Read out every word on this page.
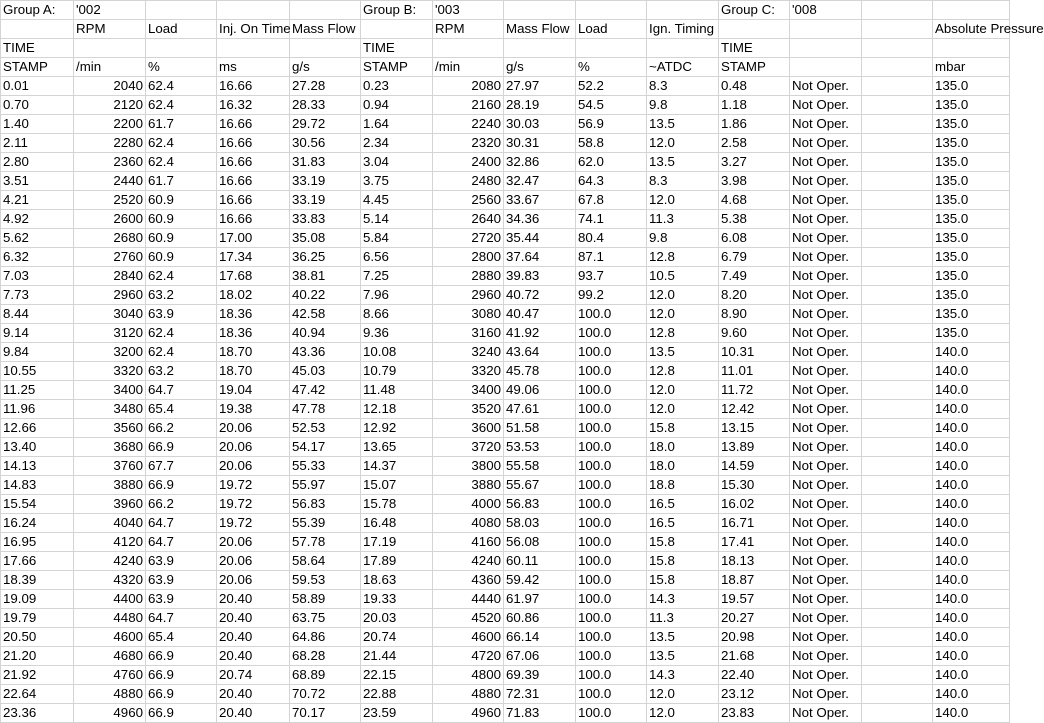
Group A:	'002				Group B:	'003				Group C:	'008		
	RPM	Load	Inj. On Time	Mass Flow		RPM	Mass Flow	Load	Ign. Timing				Absolute Pressure
TIME					TIME					TIME			
STAMP	/min	%	ms	g/s	STAMP	/min	g/s	%	~ATDC	STAMP			mbar
0.01	2040	62.4	16.66	27.28	0.23	2080	27.97	52.2	8.3	0.48	Not Oper.		135.0
0.70	2120	62.4	16.32	28.33	0.94	2160	28.19	54.5	9.8	1.18	Not Oper.		135.0
1.40	2200	61.7	16.66	29.72	1.64	2240	30.03	56.9	13.5	1.86	Not Oper.		135.0
2.11	2280	62.4	16.66	30.56	2.34	2320	30.31	58.8	12.0	2.58	Not Oper.		135.0
2.80	2360	62.4	16.66	31.83	3.04	2400	32.86	62.0	13.5	3.27	Not Oper.		135.0
3.51	2440	61.7	16.66	33.19	3.75	2480	32.47	64.3	8.3	3.98	Not Oper.		135.0
4.21	2520	60.9	16.66	33.19	4.45	2560	33.67	67.8	12.0	4.68	Not Oper.		135.0
4.92	2600	60.9	16.66	33.83	5.14	2640	34.36	74.1	11.3	5.38	Not Oper.		135.0
5.62	2680	60.9	17.00	35.08	5.84	2720	35.44	80.4	9.8	6.08	Not Oper.		135.0
6.32	2760	60.9	17.34	36.25	6.56	2800	37.64	87.1	12.8	6.79	Not Oper.		135.0
7.03	2840	62.4	17.68	38.81	7.25	2880	39.83	93.7	10.5	7.49	Not Oper.		135.0
7.73	2960	63.2	18.02	40.22	7.96	2960	40.72	99.2	12.0	8.20	Not Oper.		135.0
8.44	3040	63.9	18.36	42.58	8.66	3080	40.47	100.0	12.0	8.90	Not Oper.		135.0
9.14	3120	62.4	18.36	40.94	9.36	3160	41.92	100.0	12.8	9.60	Not Oper.		135.0
9.84	3200	62.4	18.70	43.36	10.08	3240	43.64	100.0	13.5	10.31	Not Oper.		140.0
10.55	3320	63.2	18.70	45.03	10.79	3320	45.78	100.0	12.8	11.01	Not Oper.		140.0
11.25	3400	64.7	19.04	47.42	11.48	3400	49.06	100.0	12.0	11.72	Not Oper.		140.0
11.96	3480	65.4	19.38	47.78	12.18	3520	47.61	100.0	12.0	12.42	Not Oper.		140.0
12.66	3560	66.2	20.06	52.53	12.92	3600	51.58	100.0	15.8	13.15	Not Oper.		140.0
13.40	3680	66.9	20.06	54.17	13.65	3720	53.53	100.0	18.0	13.89	Not Oper.		140.0
14.13	3760	67.7	20.06	55.33	14.37	3800	55.58	100.0	18.0	14.59	Not Oper.		140.0
14.83	3880	66.9	19.72	55.97	15.07	3880	55.67	100.0	18.8	15.30	Not Oper.		140.0
15.54	3960	66.2	19.72	56.83	15.78	4000	56.83	100.0	16.5	16.02	Not Oper.		140.0
16.24	4040	64.7	19.72	55.39	16.48	4080	58.03	100.0	16.5	16.71	Not Oper.		140.0
16.95	4120	64.7	20.06	57.78	17.19	4160	56.08	100.0	15.8	17.41	Not Oper.		140.0
17.66	4240	63.9	20.06	58.64	17.89	4240	60.11	100.0	15.8	18.13	Not Oper.		140.0
18.39	4320	63.9	20.06	59.53	18.63	4360	59.42	100.0	15.8	18.87	Not Oper.		140.0
19.09	4400	63.9	20.40	58.89	19.33	4440	61.97	100.0	14.3	19.57	Not Oper.		140.0
19.79	4480	64.7	20.40	63.75	20.03	4520	60.86	100.0	11.3	20.27	Not Oper.		140.0
20.50	4600	65.4	20.40	64.86	20.74	4600	66.14	100.0	13.5	20.98	Not Oper.		140.0
21.20	4680	66.9	20.40	68.28	21.44	4720	67.06	100.0	13.5	21.68	Not Oper.		140.0
21.92	4760	66.9	20.74	68.89	22.15	4800	69.39	100.0	14.3	22.40	Not Oper.		140.0
22.64	4880	66.9	20.40	70.72	22.88	4880	72.31	100.0	12.0	23.12	Not Oper.		140.0
23.36	4960	66.9	20.40	70.17	23.59	4960	71.83	100.0	12.0	23.83	Not Oper.		140.0
